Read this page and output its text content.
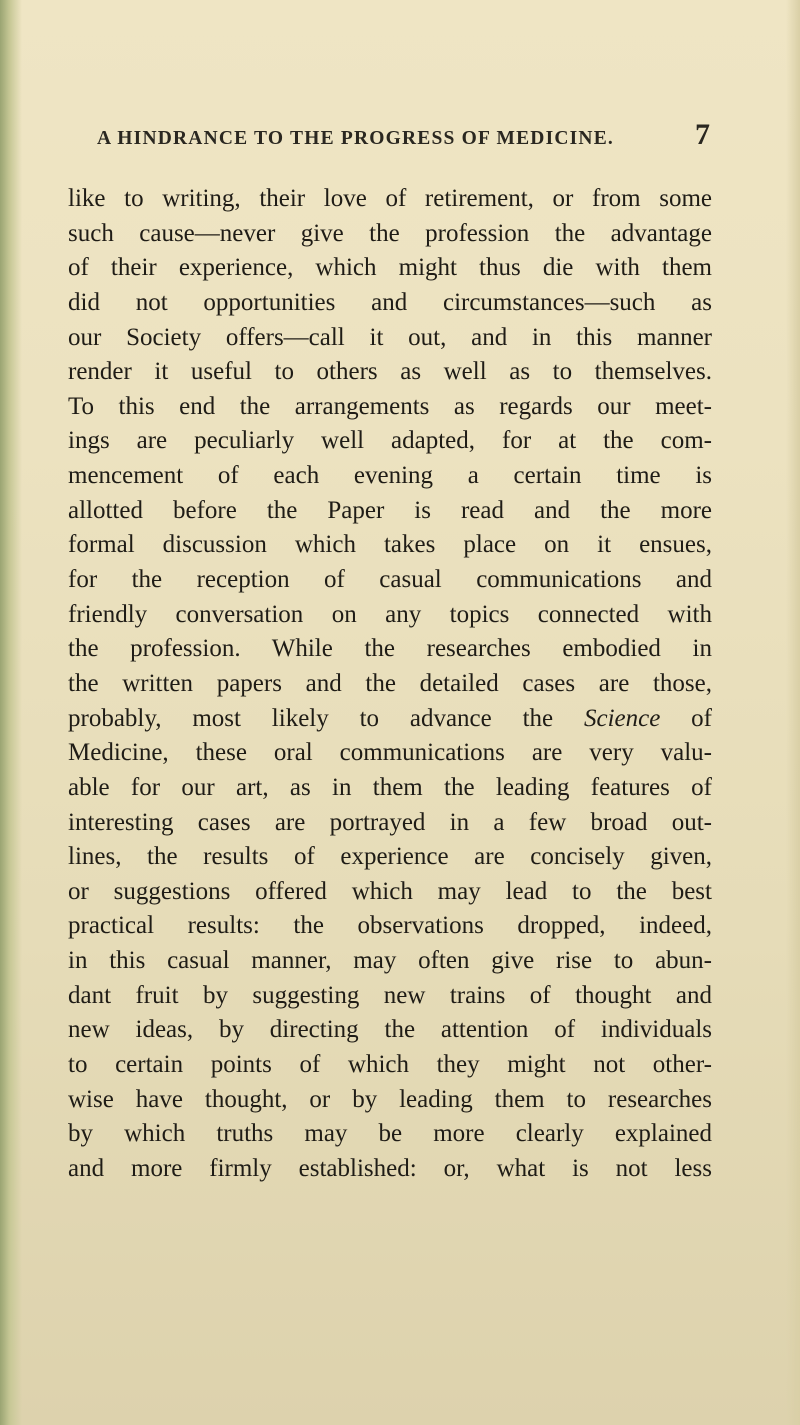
A HINDRANCE TO THE PROGRESS OF MEDICINE.	7
like to writing, their love of retirement, or from some
such cause—never give the profession the advantage
of their experience, which might thus die with them
did not opportunities and circumstances—such as
our Society offers—call it out, and in this manner
render it useful to others as well as to themselves.
To this end the arrangements as regards our meet-
ings are peculiarly well adapted, for at the com-
mencement of each evening a certain time is
allotted before the Paper is read and the more
formal discussion which takes place on it ensues,
for the reception of casual communications and
friendly conversation on any topics connected with
the profession. While the researches embodied in
the written papers and the detailed cases are those,
probably, most likely to advance the Science of
Medicine, these oral communications are very valu-
able for our art, as in them the leading features of
interesting cases are portrayed in a few broad out-
lines, the results of experience are concisely given,
or suggestions offered which may lead to the best
practical results: the observations dropped, indeed,
in this casual manner, may often give rise to abun-
dant fruit by suggesting new trains of thought and
new ideas, by directing the attention of individuals
to certain points of which they might not other-
wise have thought, or by leading them to researches
by which truths may be more clearly explained
and more firmly established: or, what is not less
